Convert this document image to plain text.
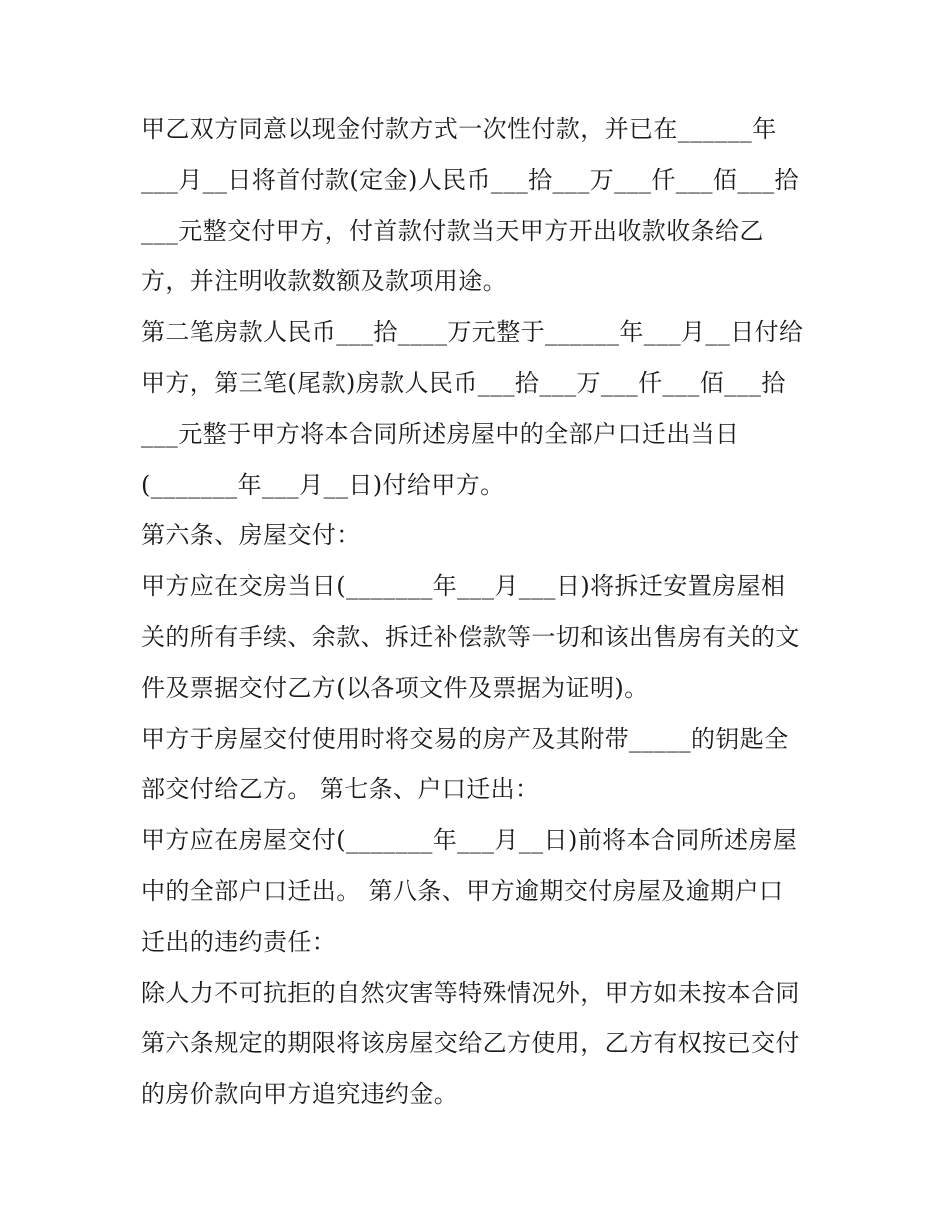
甲乙双方同意以现金付款方式一次性付款，并已在______年
___月__日将首付款(定金)人民币___拾___万___仟___佰___拾
___元整交付甲方，付首款付款当天甲方开出收款收条给乙
方，并注明收款数额及款项用途。
第二笔房款人民币___拾____万元整于______年___月__日付给
甲方，第三笔(尾款)房款人民币___拾___万___仟___佰___拾
___元整于甲方将本合同所述房屋中的全部户口迁出当日
(_______年___月__日)付给甲方。
第六条、房屋交付：
甲方应在交房当日(_______年___月___日)将拆迁安置房屋相
关的所有手续、余款、拆迁补偿款等一切和该出售房有关的文
件及票据交付乙方(以各项文件及票据为证明)。
甲方于房屋交付使用时将交易的房产及其附带_____的钥匙全
部交付给乙方。 第七条、户口迁出：
甲方应在房屋交付(_______年___月__日)前将本合同所述房屋
中的全部户口迁出。 第八条、甲方逾期交付房屋及逾期户口
迁出的违约责任：
除人力不可抗拒的自然灾害等特殊情况外，甲方如未按本合同
第六条规定的期限将该房屋交给乙方使用，乙方有权按已交付
的房价款向甲方追究违约金。
